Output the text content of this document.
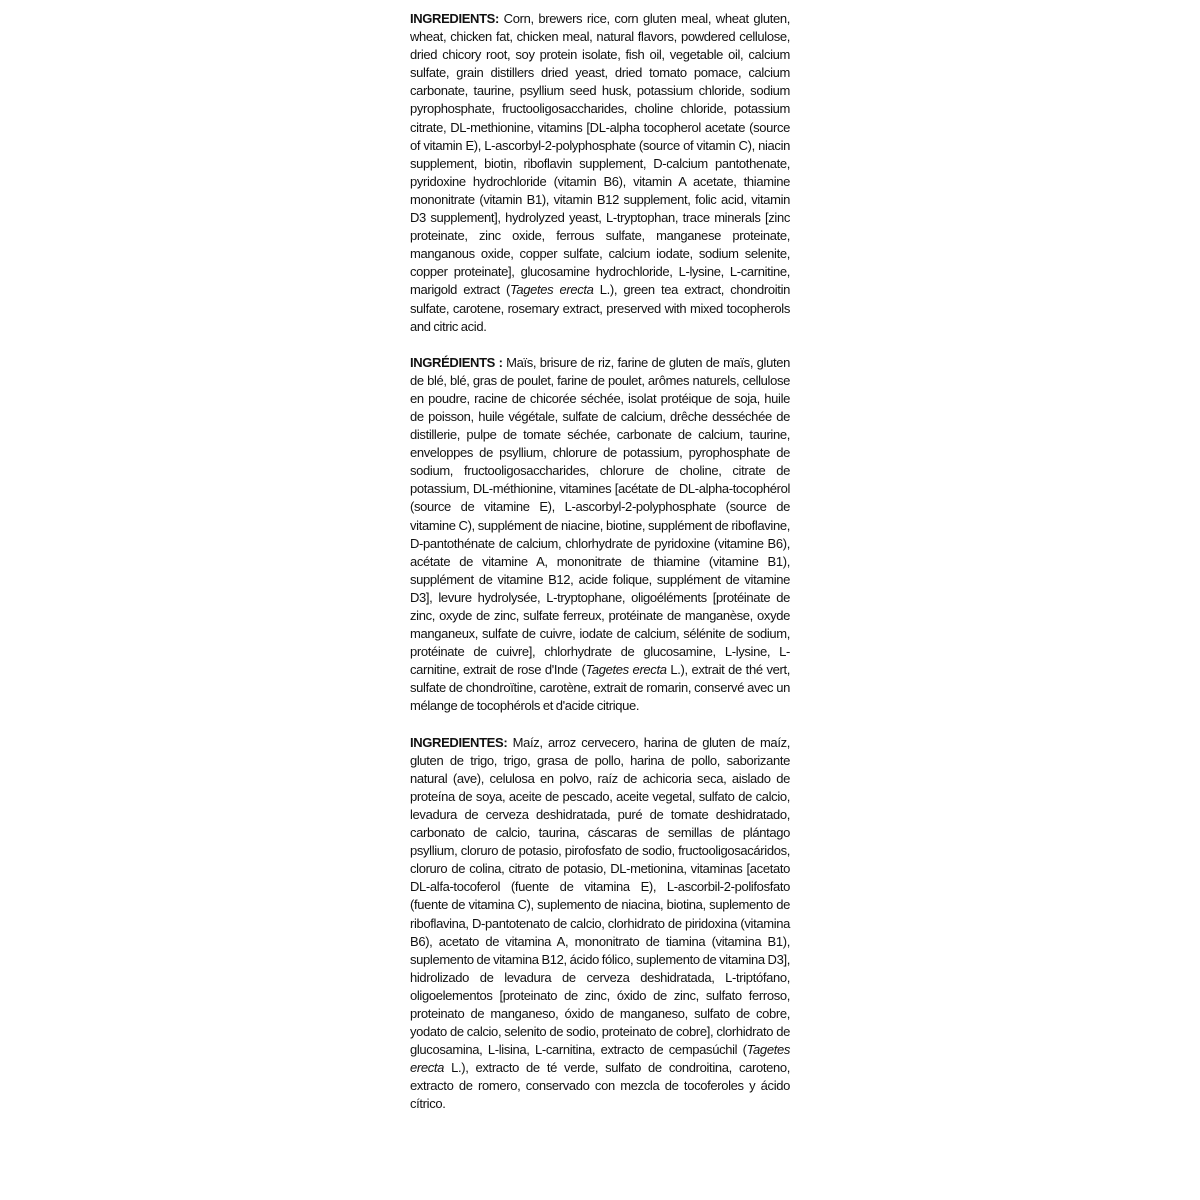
INGREDIENTS: Corn, brewers rice, corn gluten meal, wheat gluten, wheat, chicken fat, chicken meal, natural flavors, powdered cellulose, dried chicory root, soy protein isolate, fish oil, vegetable oil, calcium sulfate, grain distillers dried yeast, dried tomato pomace, calcium carbonate, taurine, psyllium seed husk, potassium chloride, sodium pyrophosphate, fructooligosaccharides, choline chloride, potassium citrate, DL-methionine, vitamins [DL-alpha tocopherol acetate (source of vitamin E), L-ascorbyl-2-polyphosphate (source of vitamin C), niacin supplement, biotin, riboflavin supplement, D-calcium pantothenate, pyridoxine hydrochloride (vitamin B6), vitamin A acetate, thiamine mononitrate (vitamin B1), vitamin B12 supplement, folic acid, vitamin D3 supplement], hydrolyzed yeast, L-tryptophan, trace minerals [zinc proteinate, zinc oxide, ferrous sulfate, manganese proteinate, manganous oxide, copper sulfate, calcium iodate, sodium selenite, copper proteinate], glucosamine hydrochloride, L-lysine, L-carnitine, marigold extract (Tagetes erecta L.), green tea extract, chondroitin sulfate, carotene, rosemary extract, preserved with mixed tocopherols and citric acid.

INGRÉDIENTS : Maïs, brisure de riz, farine de gluten de maïs, gluten de blé, blé, gras de poulet, farine de poulet, arômes naturels, cellulose en poudre, racine de chicorée séchée, isolat protéique de soja, huile de poisson, huile végétale, sulfate de calcium, drêche desséchée de distillerie, pulpe de tomate séchée, carbonate de calcium, taurine, enveloppes de psyllium, chlorure de potassium, pyrophosphate de sodium, fructooligosaccharides, chlorure de choline, citrate de potassium, DL-méthionine, vitamines [acétate de DL-alpha-tocophérol (source de vitamine E), L-ascorbyl-2-polyphosphate (source de vitamine C), supplément de niacine, biotine, supplément de riboflavine, D-pantothénate de calcium, chlorhydrate de pyridoxine (vitamine B6), acétate de vitamine A, mononitrate de thiamine (vitamine B1), supplément de vitamine B12, acide folique, supplément de vitamine D3], levure hydrolysée, L-tryptophane, oligoéléments [protéinate de zinc, oxyde de zinc, sulfate ferreux, protéinate de manganèse, oxyde manganeux, sulfate de cuivre, iodate de calcium, sélénite de sodium, protéinate de cuivre], chlorhydrate de glucosamine, L-lysine, L-carnitine, extrait de rose d'Inde (Tagetes erecta L.), extrait de thé vert, sulfate de chondroïtine, carotène, extrait de romarin, conservé avec un mélange de tocophérols et d'acide citrique.

INGREDIENTES: Maíz, arroz cervecero, harina de gluten de maíz, gluten de trigo, trigo, grasa de pollo, harina de pollo, saborizante natural (ave), celulosa en polvo, raíz de achicoria seca, aislado de proteína de soya, aceite de pescado, aceite vegetal, sulfato de calcio, levadura de cerveza deshidratada, puré de tomate deshidratado, carbonato de calcio, taurina, cáscaras de semillas de plántago psyllium, cloruro de potasio, pirofosfato de sodio, fructooligosacáridos, cloruro de colina, citrato de potasio, DL-metionina, vitaminas [acetato DL-alfa-tocoferol (fuente de vitamina E), L-ascorbil-2-polifosfato (fuente de vitamina C), suplemento de niacina, biotina, suplemento de riboflavina, D-pantotenato de calcio, clorhidrato de piridoxina (vitamina B6), acetato de vitamina A, mononitrato de tiamina (vitamina B1), suplemento de vitamina B12, ácido fólico, suplemento de vitamina D3], hidrolizado de levadura de cerveza deshidratada, L-triptófano, oligoelementos [proteinato de zinc, óxido de zinc, sulfato ferroso, proteinato de manganeso, óxido de manganeso, sulfato de cobre, yodato de calcio, selenito de sodio, proteinato de cobre], clorhidrato de glucosamina, L-lisina, L-carnitina, extracto de cempasúchil (Tagetes erecta L.), extracto de té verde, sulfato de condroitina, caroteno, extracto de romero, conservado con mezcla de tocoferoles y ácido cítrico.
